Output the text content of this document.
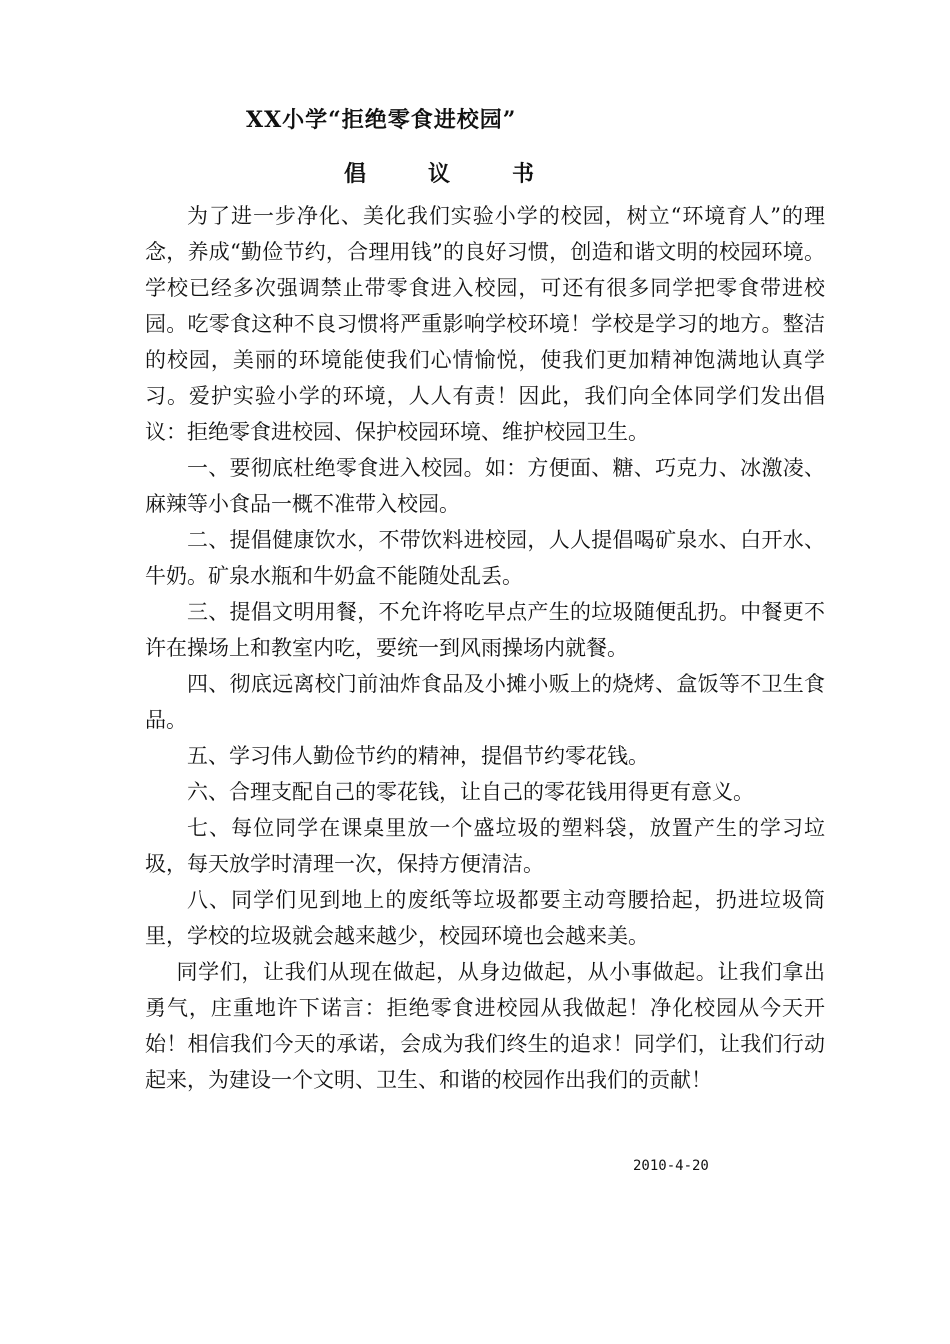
XX小学“拒绝零食进校园”
倡议书

为了进一步净化、美化我们实验小学的校园，树立“环境育人”的理念，养成“勤俭节约，合理用钱”的良好习惯，创造和谐文明的校园环境。学校已经多次强调禁止带零食进入校园，可还有很多同学把零食带进校园。吃零食这种不良习惯将严重影响学校环境！学校是学习的地方。整洁的校园，美丽的环境能使我们心情愉悦，使我们更加精神饱满地认真学习。爱护实验小学的环境，人人有责！因此，我们向全体同学们发出倡议：拒绝零食进校园、保护校园环境、维护校园卫生。

一、要彻底杜绝零食进入校园。如：方便面、糖、巧克力、冰激凌、麻辣等小食品一概不准带入校园。

二、提倡健康饮水，不带饮料进校园，人人提倡喝矿泉水、白开水、牛奶。矿泉水瓶和牛奶盒不能随处乱丢。

三、提倡文明用餐，不允许将吃早点产生的垃圾随便乱扔。中餐更不许在操场上和教室内吃，要统一到风雨操场内就餐。

四、彻底远离校门前油炸食品及小摊小贩上的烧烤、盒饭等不卫生食品。

五、学习伟人勤俭节约的精神，提倡节约零花钱。

六、合理支配自己的零花钱，让自己的零花钱用得更有意义。

七、每位同学在课桌里放一个盛垃圾的塑料袋，放置产生的学习垃圾，每天放学时清理一次，保持方便清洁。

八、同学们见到地上的废纸等垃圾都要主动弯腰拾起，扔进垃圾筒里，学校的垃圾就会越来越少，校园环境也会越来美。

同学们，让我们从现在做起，从身边做起，从小事做起。让我们拿出勇气，庄重地许下诺言：拒绝零食进校园从我做起！净化校园从今天开始！相信我们今天的承诺，会成为我们终生的追求！同学们，让我们行动起来，为建设一个文明、卫生、和谐的校园作出我们的贡献！

2010-4-20
